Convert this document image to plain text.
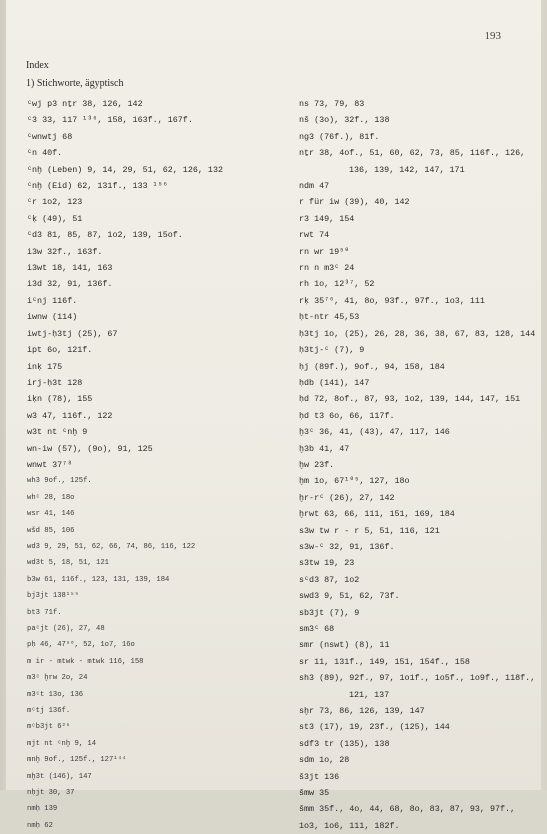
193
Index
1) Stichworte, ägyptisch
ᶜwj p3 nṯr 38, 126, 142
ᶜ3 33, 117 ¹³⁶, 158, 163f., 167f.
ᶜwnwtj 68
ᶜn 40f.
ᶜnḫ (Leben) 9, 14, 29, 51, 62, 126, 132
ᶜnḫ (Eid) 62, 131f., 133 ¹⁵⁶
ᶜr 1o2, 123
ᶜḳ (49), 51
ᶜd3 81, 85, 87, 1o2, 139, 15of.
i3w 32f., 163f.
i3wt 18, 141, 163
i3d 32, 91, 136f.
iᶜnj 116f.
iwnw (114)
iwtj-ḥ3tj (25), 67
ipt 6o, 121f.
inḳ 175
irj-ḥ3t 128
iḳn (78), 155
w3 47, 116f., 122
w3t nt ᶜnḫ 9
wn-iw (57), (9o), 91, 125
wnwt 37⁷⁸
wh3 9of., 125f.
whᶜ 28, 18o
wsr 41, 146
wšd 85, 106
wd3 9, 29, 51, 62, 66, 74, 86, 116, 122
wd3t 5, 18, 51, 121
b3w 61, 116f., 123, 131, 139, 184
bj3jt 138¹⁵⁹
bt3 71f.
paᶜjt (26), 27, 48
pḥ 46, 47⁹⁰, 52, 1o7, 16o
m ir - mtwk - mtwk 116, 158
m3ᶜ ḫrw 2o, 24
m3ᶜt 13o, 136
mᶜtj 136f.
mᶜb3jt 6²⁵
mjt nt ᶜnḫ 9, 14
mnḫ 9of., 125f., 127¹⁴⁴
mḫ3t (146), 147
nḥjt 30, 37
nmḥ 139
nmḥ 62
ns 73, 79, 83
nš (3o), 32f., 138
ng3 (76f.), 81f.
nṯr 38, 4of., 51, 60, 62, 73, 85, 116f., 126,
136, 139, 142, 147, 171
ndm 47
r für iw (39), 40, 142
r3 149, 154
rwt 74
rn wr 19⁵⁰
rn n m3ᶜ 24
rh 1o, 12³⁷, 52
rḳ 35⁷⁶, 41, 8o, 93f., 97f., 1o3, 111
ḥt-ntr 45,53
ḥ3tj 1o, (25), 26, 28, 36, 38, 67, 83, 128, 144
ḥ3tj-ᶜ (7), 9
ḥj (89f.), 9of., 94, 158, 184
ḥdb (141), 147
ḥd 72, 8of., 87, 93, 1o2, 139, 144, 147, 151
ḥd t3 6o, 66, 117f.
ḫ3ᶜ 36, 41, (43), 47, 117, 146
ḫ3b 41, 47
ḫw 23f.
ḫm 1o, 67¹⁰⁵, 127, 18o
ḫr-rᶜ (26), 27, 142
ḫrwt 63, 66, 111, 151, 169, 184
s3w tw r - r 5, 51, 116, 121
s3w-ᶜ 32, 91, 136f.
s3tw 19, 23
sᶜd3 87, 1o2
swd3 9, 51, 62, 73f.
sb3jt (7), 9
sm3ᶜ 68
smr (nswt) (8), 11
sr 11, 131f., 149, 151, 154f., 158
sh3 (89), 92f., 97, 1o1f., 1o5f., 1o9f., 118f.,
121, 137
sḫr 73, 86, 126, 139, 147
st3 (17), 19, 23f., (125), 144
sdf3 tr (135), 138
sdm 1o, 28
š3jt 136
šmw 35
šmm 35f., 4o, 44, 68, 8o, 83, 87, 93, 97f.,
1o3, 1o6, 111, 182f.
